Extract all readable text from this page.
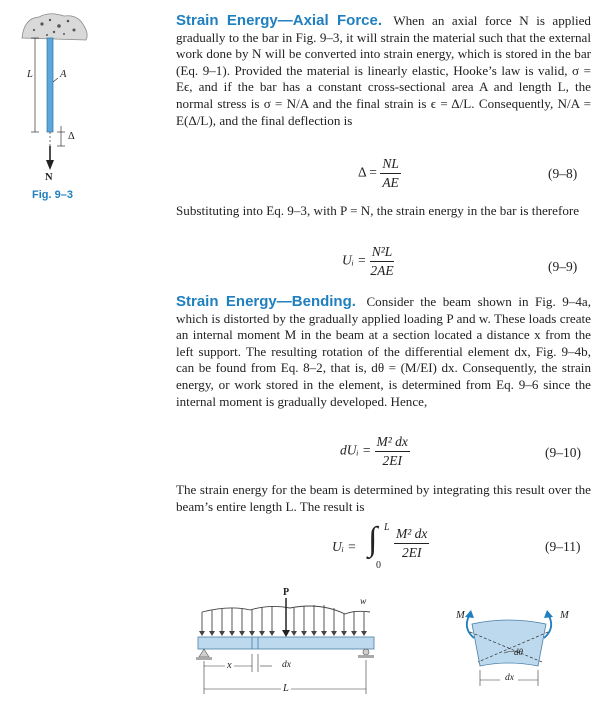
L	A
Δ
N
Fig. 9–3
Strain Energy—Axial Force. When an axial force N is applied gradually to the bar in Fig. 9–3, it will strain the material such that the external work done by N will be converted into strain energy, which is stored in the bar (Eq. 9–1). Provided the material is linearly elastic, Hooke’s law is valid, σ = Eϵ, and if the bar has a constant cross-sectional area A and length L, the normal stress is σ = N/A and the final strain is ϵ = Δ/L. Consequently, N/A = E(Δ/L), and the final deflection is
$\Delta = \frac{NL}{AE}$	(9–8)
Substituting into Eq. 9–3, with P = N, the strain energy in the bar is therefore
Uᵢ = $\frac{\text{N²L}}{2AE}$	(9–9)
Strain Energy—Bending. Consider the beam shown in Fig. 9–4a, which is distorted by the gradually applied loading P and w. These loads create an internal moment M in the beam at a section located a distance x from the left support. The resulting rotation of the differential element dx, Fig. 9–4b, can be found from Eq. 8–2, that is, dθ = (M/EI) dx. Consequently, the strain energy, or work stored in the element, is determined from Eq. 9–6 since the internal moment is gradually developed. Hence,
dUᵢ = $\frac{\text{M² dx}}{2EI}$	(9–10)
The strain energy for the beam is determined by integrating this result over the beam’s entire length L. The result is
Uᵢ = ∫ L
0
$\frac{\text{M² dx}}{2EI}$	(9–11)
P
w
x	dx
L
M	M
dθ
dx
